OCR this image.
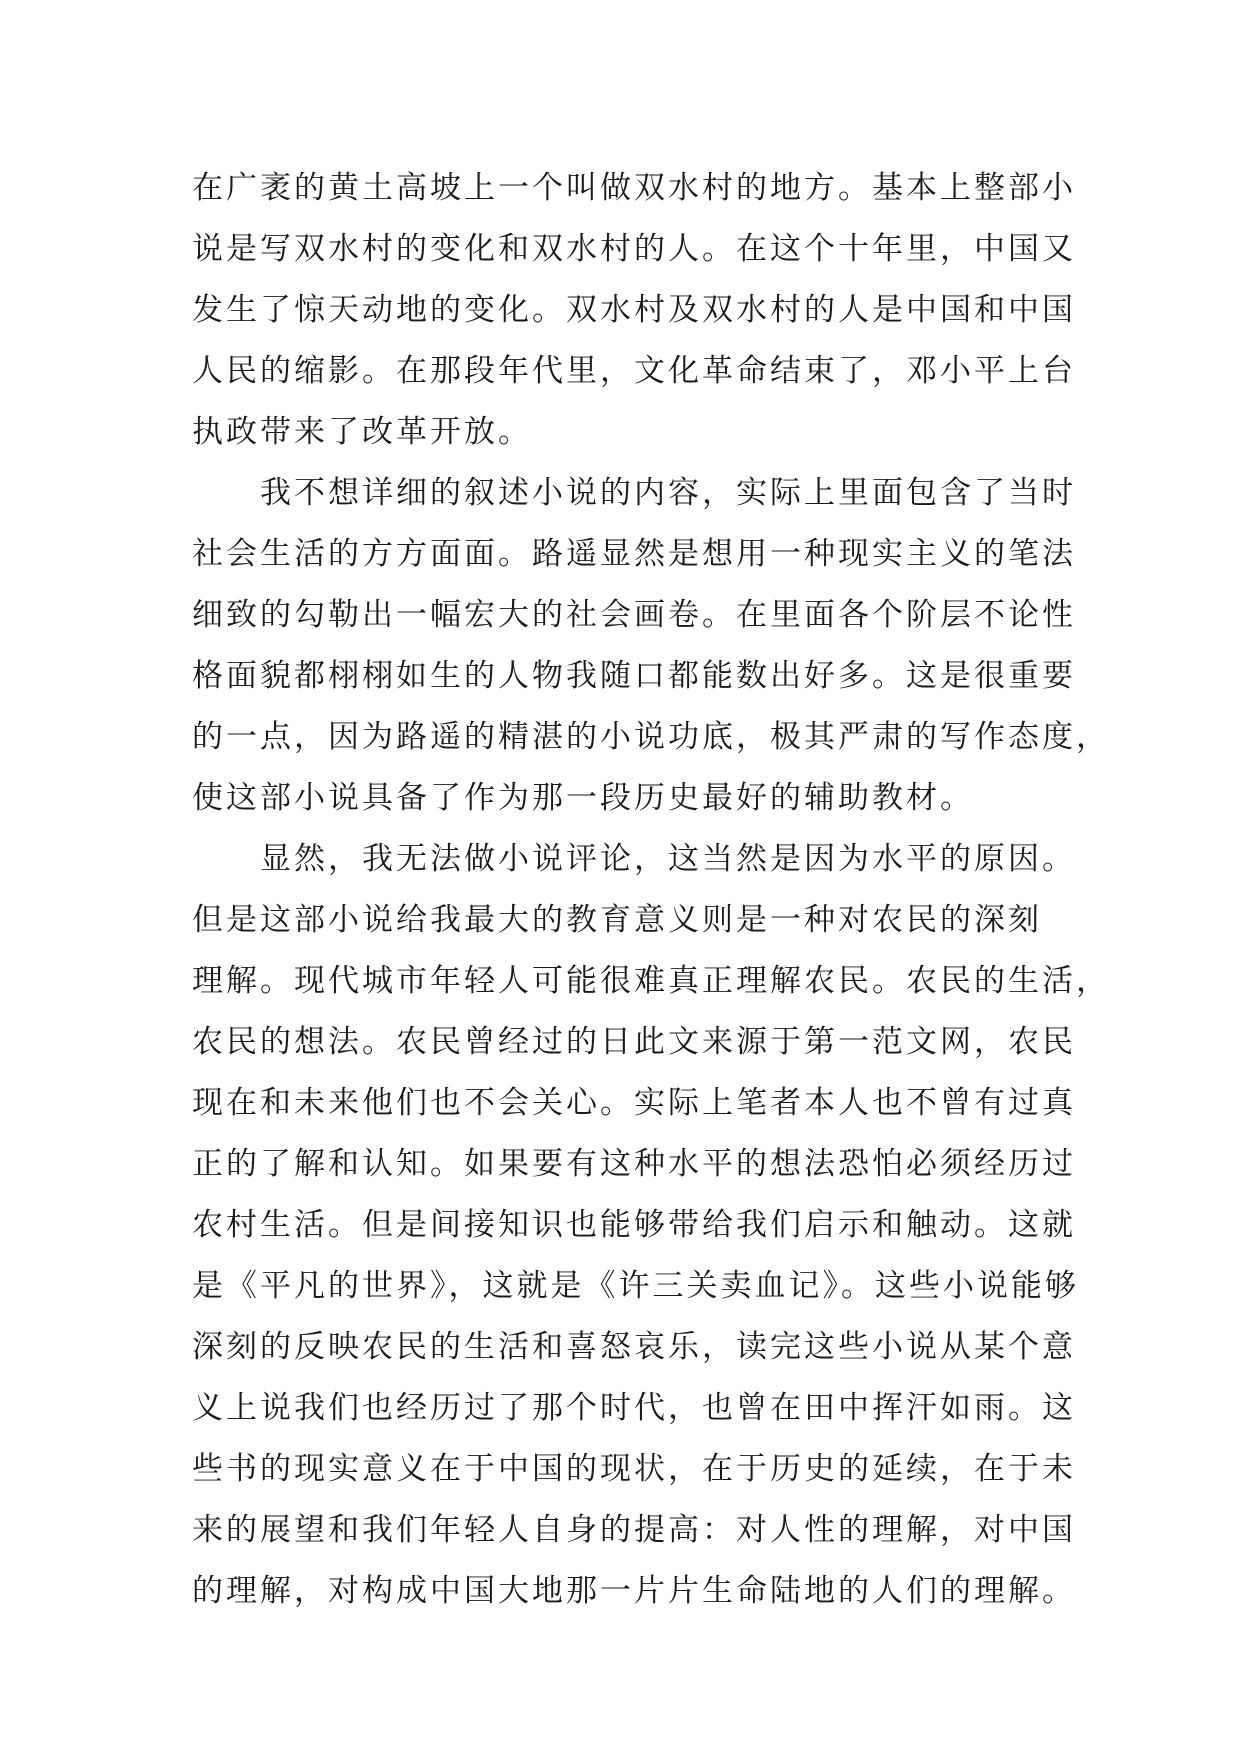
在广袤的黄土高坡上一个叫做双水村的地方。基本上整部小
说是写双水村的变化和双水村的人。在这个十年里，中国又
发生了惊天动地的变化。双水村及双水村的人是中国和中国
人民的缩影。在那段年代里，文化革命结束了，邓小平上台
执政带来了改革开放。
我不想详细的叙述小说的内容，实际上里面包含了当时
社会生活的方方面面。路遥显然是想用一种现实主义的笔法
细致的勾勒出一幅宏大的社会画卷。在里面各个阶层不论性
格面貌都栩栩如生的人物我随口都能数出好多。这是很重要
的一点，因为路遥的精湛的小说功底，极其严肃的写作态度，
使这部小说具备了作为那一段历史最好的辅助教材。
显然，我无法做小说评论，这当然是因为水平的原因。
但是这部小说给我最大的教育意义则是一种对农民的深刻
理解。现代城市年轻人可能很难真正理解农民。农民的生活，
农民的想法。农民曾经过的日此文来源于第一范文网，农民
现在和未来他们也不会关心。实际上笔者本人也不曾有过真
正的了解和认知。如果要有这种水平的想法恐怕必须经历过
农村生活。但是间接知识也能够带给我们启示和触动。这就
是《平凡的世界》，这就是《许三关卖血记》。这些小说能够
深刻的反映农民的生活和喜怒哀乐，读完这些小说从某个意
义上说我们也经历过了那个时代，也曾在田中挥汗如雨。这
些书的现实意义在于中国的现状，在于历史的延续，在于未
来的展望和我们年轻人自身的提高：对人性的理解，对中国
的理解，对构成中国大地那一片片生命陆地的人们的理解。
